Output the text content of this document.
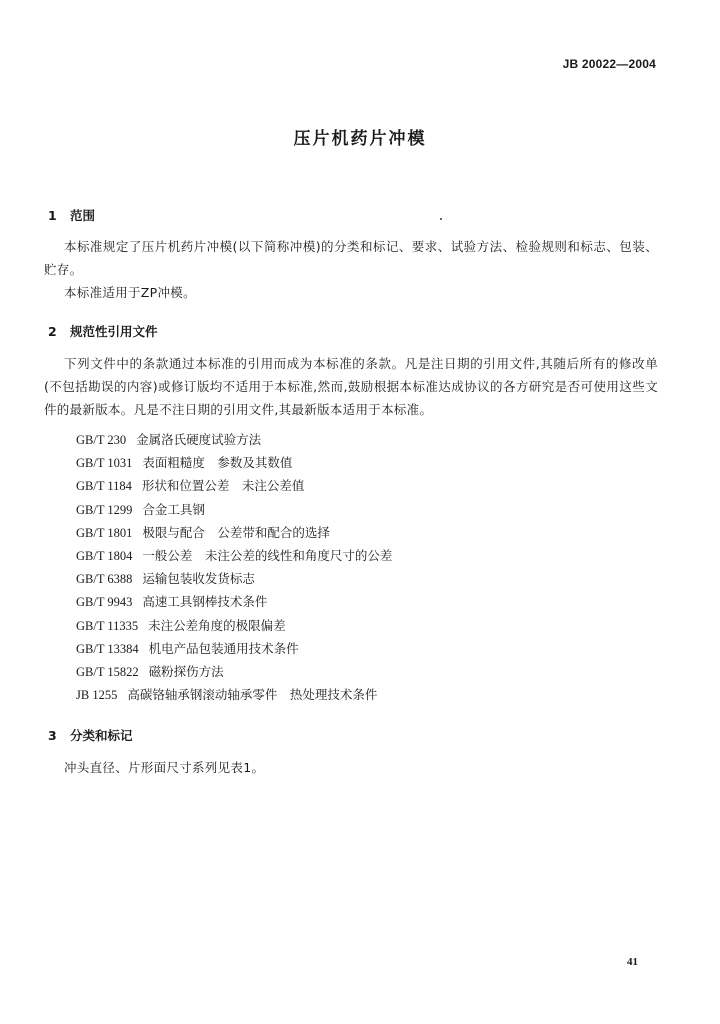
JB 20022—2004
压片机药片冲模
1 范围

本标准规定了压片机药片冲模(以下简称冲模)的分类和标记、要求、试验方法、检验规则和标志、包装、贮存。

本标准适用于ZP冲模。

2 规范性引用文件

下列文件中的条款通过本标准的引用而成为本标准的条款。凡是注日期的引用文件,其随后所有的修改单(不包括勘误的内容)或修订版均不适用于本标准,然而,鼓励根据本标准达成协议的各方研究是否可使用这些文件的最新版本。凡是不注日期的引用文件,其最新版本适用于本标准。

GB/T 230 金属洛氏硬度试验方法
GB/T 1031 表面粗糙度　参数及其数值
GB/T 1184 形状和位置公差　未注公差值
GB/T 1299 合金工具钢
GB/T 1801 极限与配合　公差带和配合的选择
GB/T 1804 一般公差　未注公差的线性和角度尺寸的公差
GB/T 6388 运输包装收发货标志
GB/T 9943 高速工具钢棒技术条件
GB/T 11335 未注公差角度的极限偏差
GB/T 13384 机电产品包装通用技术条件
GB/T 15822 磁粉探伤方法
JB 1255 高碳铬轴承钢滚动轴承零件　热处理技术条件
3 分类和标记

冲头直径、片形面尺寸系列见表1。

41
